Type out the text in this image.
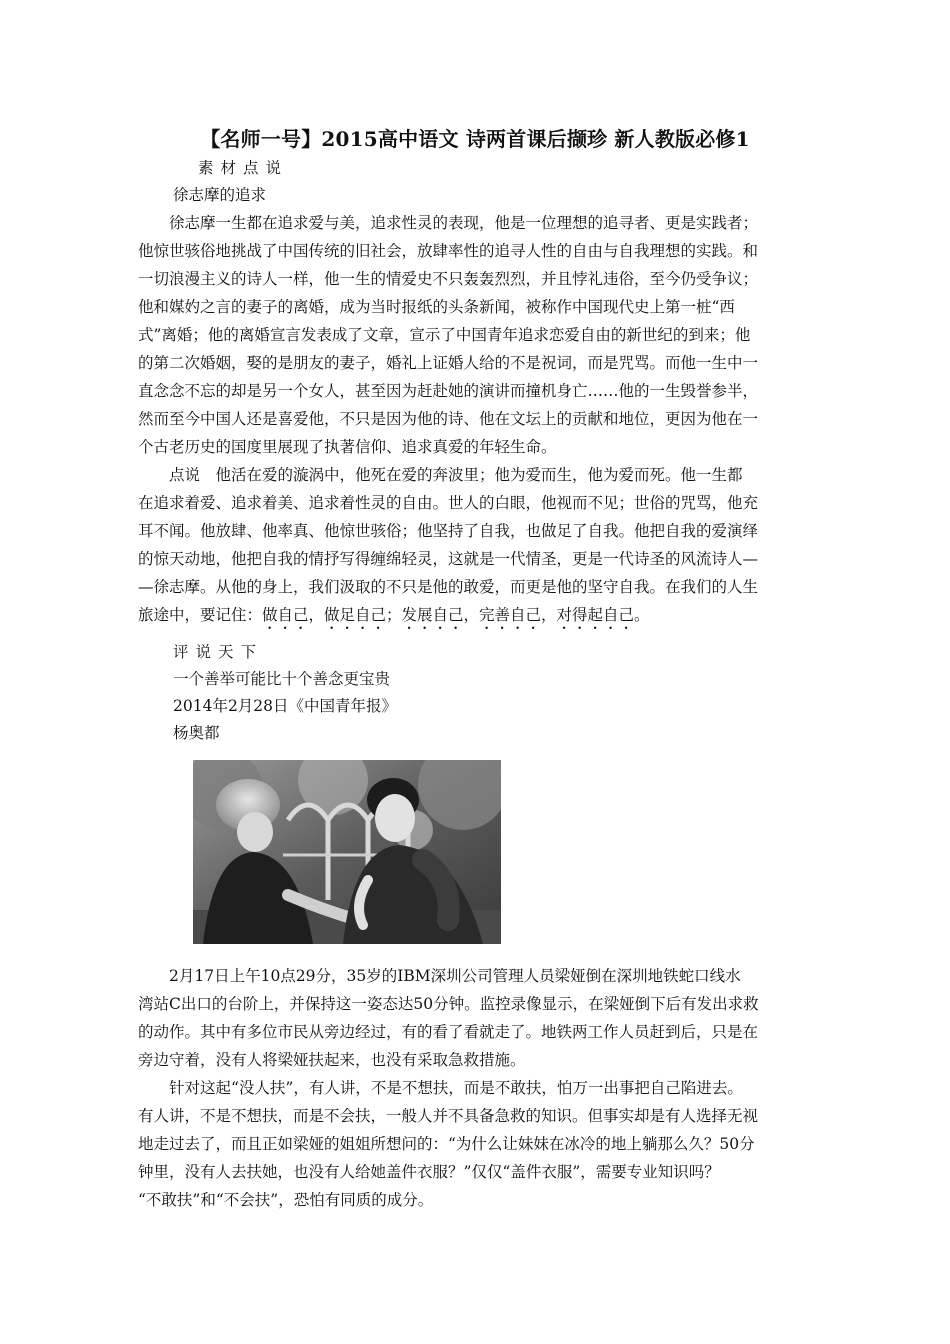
【名师一号】2015高中语文 诗两首课后撷珍 新人教版必修1
素材点说
徐志摩的追求
　　徐志摩一生都在追求爱与美，追求性灵的表现，他是一位理想的追寻者、更是实践者；
他惊世骇俗地挑战了中国传统的旧社会，放肆率性的追寻人性的自由与自我理想的实践。和
一切浪漫主义的诗人一样，他一生的情爱史不只轰轰烈烈，并且悖礼违俗，至今仍受争议；
他和媒妁之言的妻子的离婚，成为当时报纸的头条新闻，被称作中国现代史上第一桩“西
式”离婚；他的离婚宣言发表成了文章，宣示了中国青年追求恋爱自由的新世纪的到来；他
的第二次婚姻，娶的是朋友的妻子，婚礼上证婚人给的不是祝词，而是咒骂。而他一生中一
直念念不忘的却是另一个女人，甚至因为赶赴她的演讲而撞机身亡……他的一生毁誉参半，
然而至今中国人还是喜爱他，不只是因为他的诗、他在文坛上的贡献和地位，更因为他在一
个古老历史的国度里展现了执著信仰、追求真爱的年轻生命。
　　点说　他活在爱的漩涡中，他死在爱的奔波里；他为爱而生，他为爱而死。他一生都
在追求着爱、追求着美、追求着性灵的自由。世人的白眼，他视而不见；世俗的咒骂，他充
耳不闻。他放肆、他率真、他惊世骇俗；他坚持了自我，也做足了自我。他把自我的爱演绎
的惊天动地，他把自我的情抒写得缠绵轻灵，这就是一代情圣，更是一代诗圣的风流诗人—
—徐志摩。从他的身上，我们汲取的不只是他的敢爱，而更是他的坚守自我。在我们的人生
旅途中，要记住：做自己，做足自己；发展自己，完善自己，对得起自己。
评说天下
一个善举可能比十个善念更宝贵
2014年2月28日《中国青年报》
杨奥都
　　2月17日上午10点29分，35岁的IBM深圳公司管理人员梁娅倒在深圳地铁蛇口线水
湾站C出口的台阶上，并保持这一姿态达50分钟。监控录像显示，在梁娅倒下后有发出求救
的动作。其中有多位市民从旁边经过，有的看了看就走了。地铁两工作人员赶到后，只是在
旁边守着，没有人将梁娅扶起来，也没有采取急救措施。
　　针对这起“没人扶”，有人讲，不是不想扶，而是不敢扶，怕万一出事把自己陷进去。
有人讲，不是不想扶，而是不会扶，一般人并不具备急救的知识。但事实却是有人选择无视
地走过去了，而且正如梁娅的姐姐所想问的：“为什么让妹妹在冰冷的地上躺那么久？50分
钟里，没有人去扶她，也没有人给她盖件衣服？”仅仅“盖件衣服”，需要专业知识吗？
“不敢扶”和“不会扶”，恐怕有同质的成分。
